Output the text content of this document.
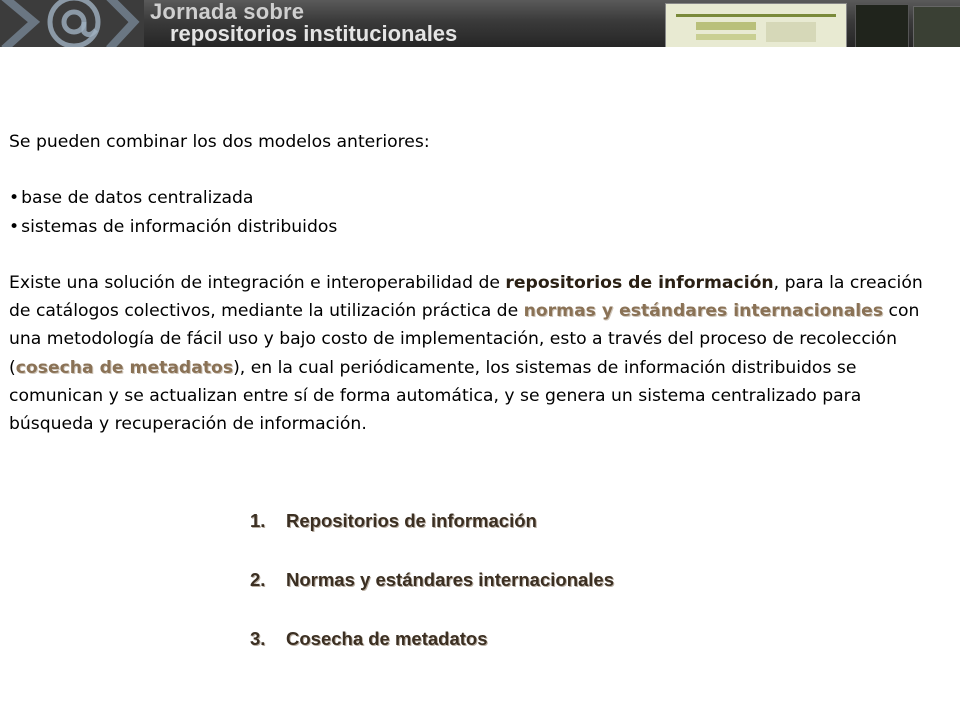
Jornada sobre
repositorios institucionales

Se pueden combinar los dos modelos anteriores:

• base de datos centralizada

• sistemas de información distribuidos

Existe una solución de integración e interoperabilidad de repositorios de información, para la creación de catálogos colectivos, mediante la utilización práctica de normas y estándares internacionales con una metodología de fácil uso y bajo costo de implementación, esto a través del proceso de recolección (cosecha de metadatos), en la cual periódicamente, los sistemas de información distribuidos se comunican y se actualizan entre sí de forma automática, y se genera un sistema centralizado para búsqueda y recuperación de información.

1. Repositorios de información
2. Normas y estándares internacionales
3. Cosecha de metadatos
